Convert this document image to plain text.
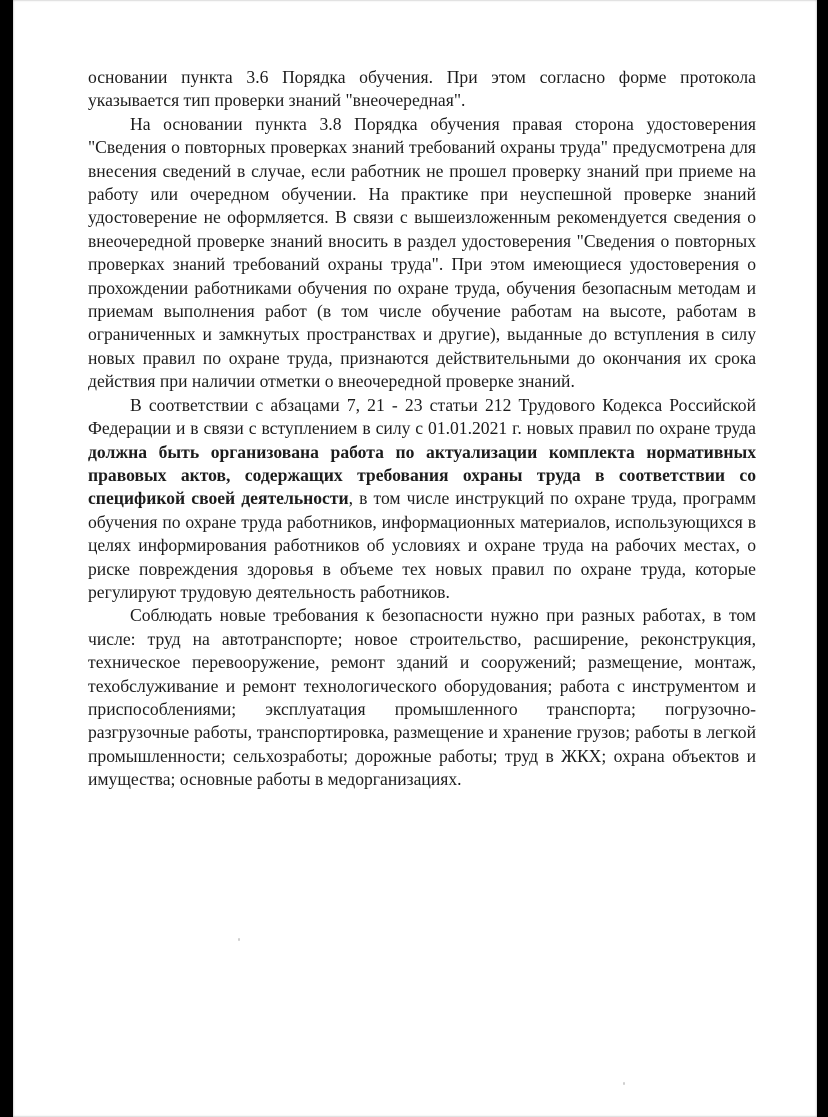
основании пункта 3.6 Порядка обучения. При этом согласно форме протокола указывается тип проверки знаний "внеочередная".

На основании пункта 3.8 Порядка обучения правая сторона удостоверения "Сведения о повторных проверках знаний требований охраны труда" предусмотрена для внесения сведений в случае, если работник не прошел проверку знаний при приеме на работу или очередном обучении. На практике при неуспешной проверке знаний удостоверение не оформляется. В связи с вышеизложенным рекомендуется сведения о внеочередной проверке знаний вносить в раздел удостоверения "Сведения о повторных проверках знаний требований охраны труда". При этом имеющиеся удостоверения о прохождении работниками обучения по охране труда, обучения безопасным методам и приемам выполнения работ (в том числе обучение работам на высоте, работам в ограниченных и замкнутых пространствах и другие), выданные до вступления в силу новых правил по охране труда, признаются действительными до окончания их срока действия при наличии отметки о внеочередной проверке знаний.

В соответствии с абзацами 7, 21 - 23 статьи 212 Трудового Кодекса Российской Федерации и в связи с вступлением в силу с 01.01.2021 г. новых правил по охране труда должна быть организована работа по актуализации комплекта нормативных правовых актов, содержащих требования охраны труда в соответствии со спецификой своей деятельности, в том числе инструкций по охране труда, программ обучения по охране труда работников, информационных материалов, использующихся в целях информирования работников об условиях и охране труда на рабочих местах, о риске повреждения здоровья в объеме тех новых правил по охране труда, которые регулируют трудовую деятельность работников.

Соблюдать новые требования к безопасности нужно при разных работах, в том числе: труд на автотранспорте; новое строительство, расширение, реконструкция, техническое перевооружение, ремонт зданий и сооружений; размещение, монтаж, техобслуживание и ремонт технологического оборудования; работа с инструментом и приспособлениями; эксплуатация промышленного транспорта; погрузочно-разгрузочные работы, транспортировка, размещение и хранение грузов; работы в легкой промышленности; сельхозработы; дорожные работы; труд в ЖКХ; охрана объектов и имущества; основные работы в медорганизациях.
